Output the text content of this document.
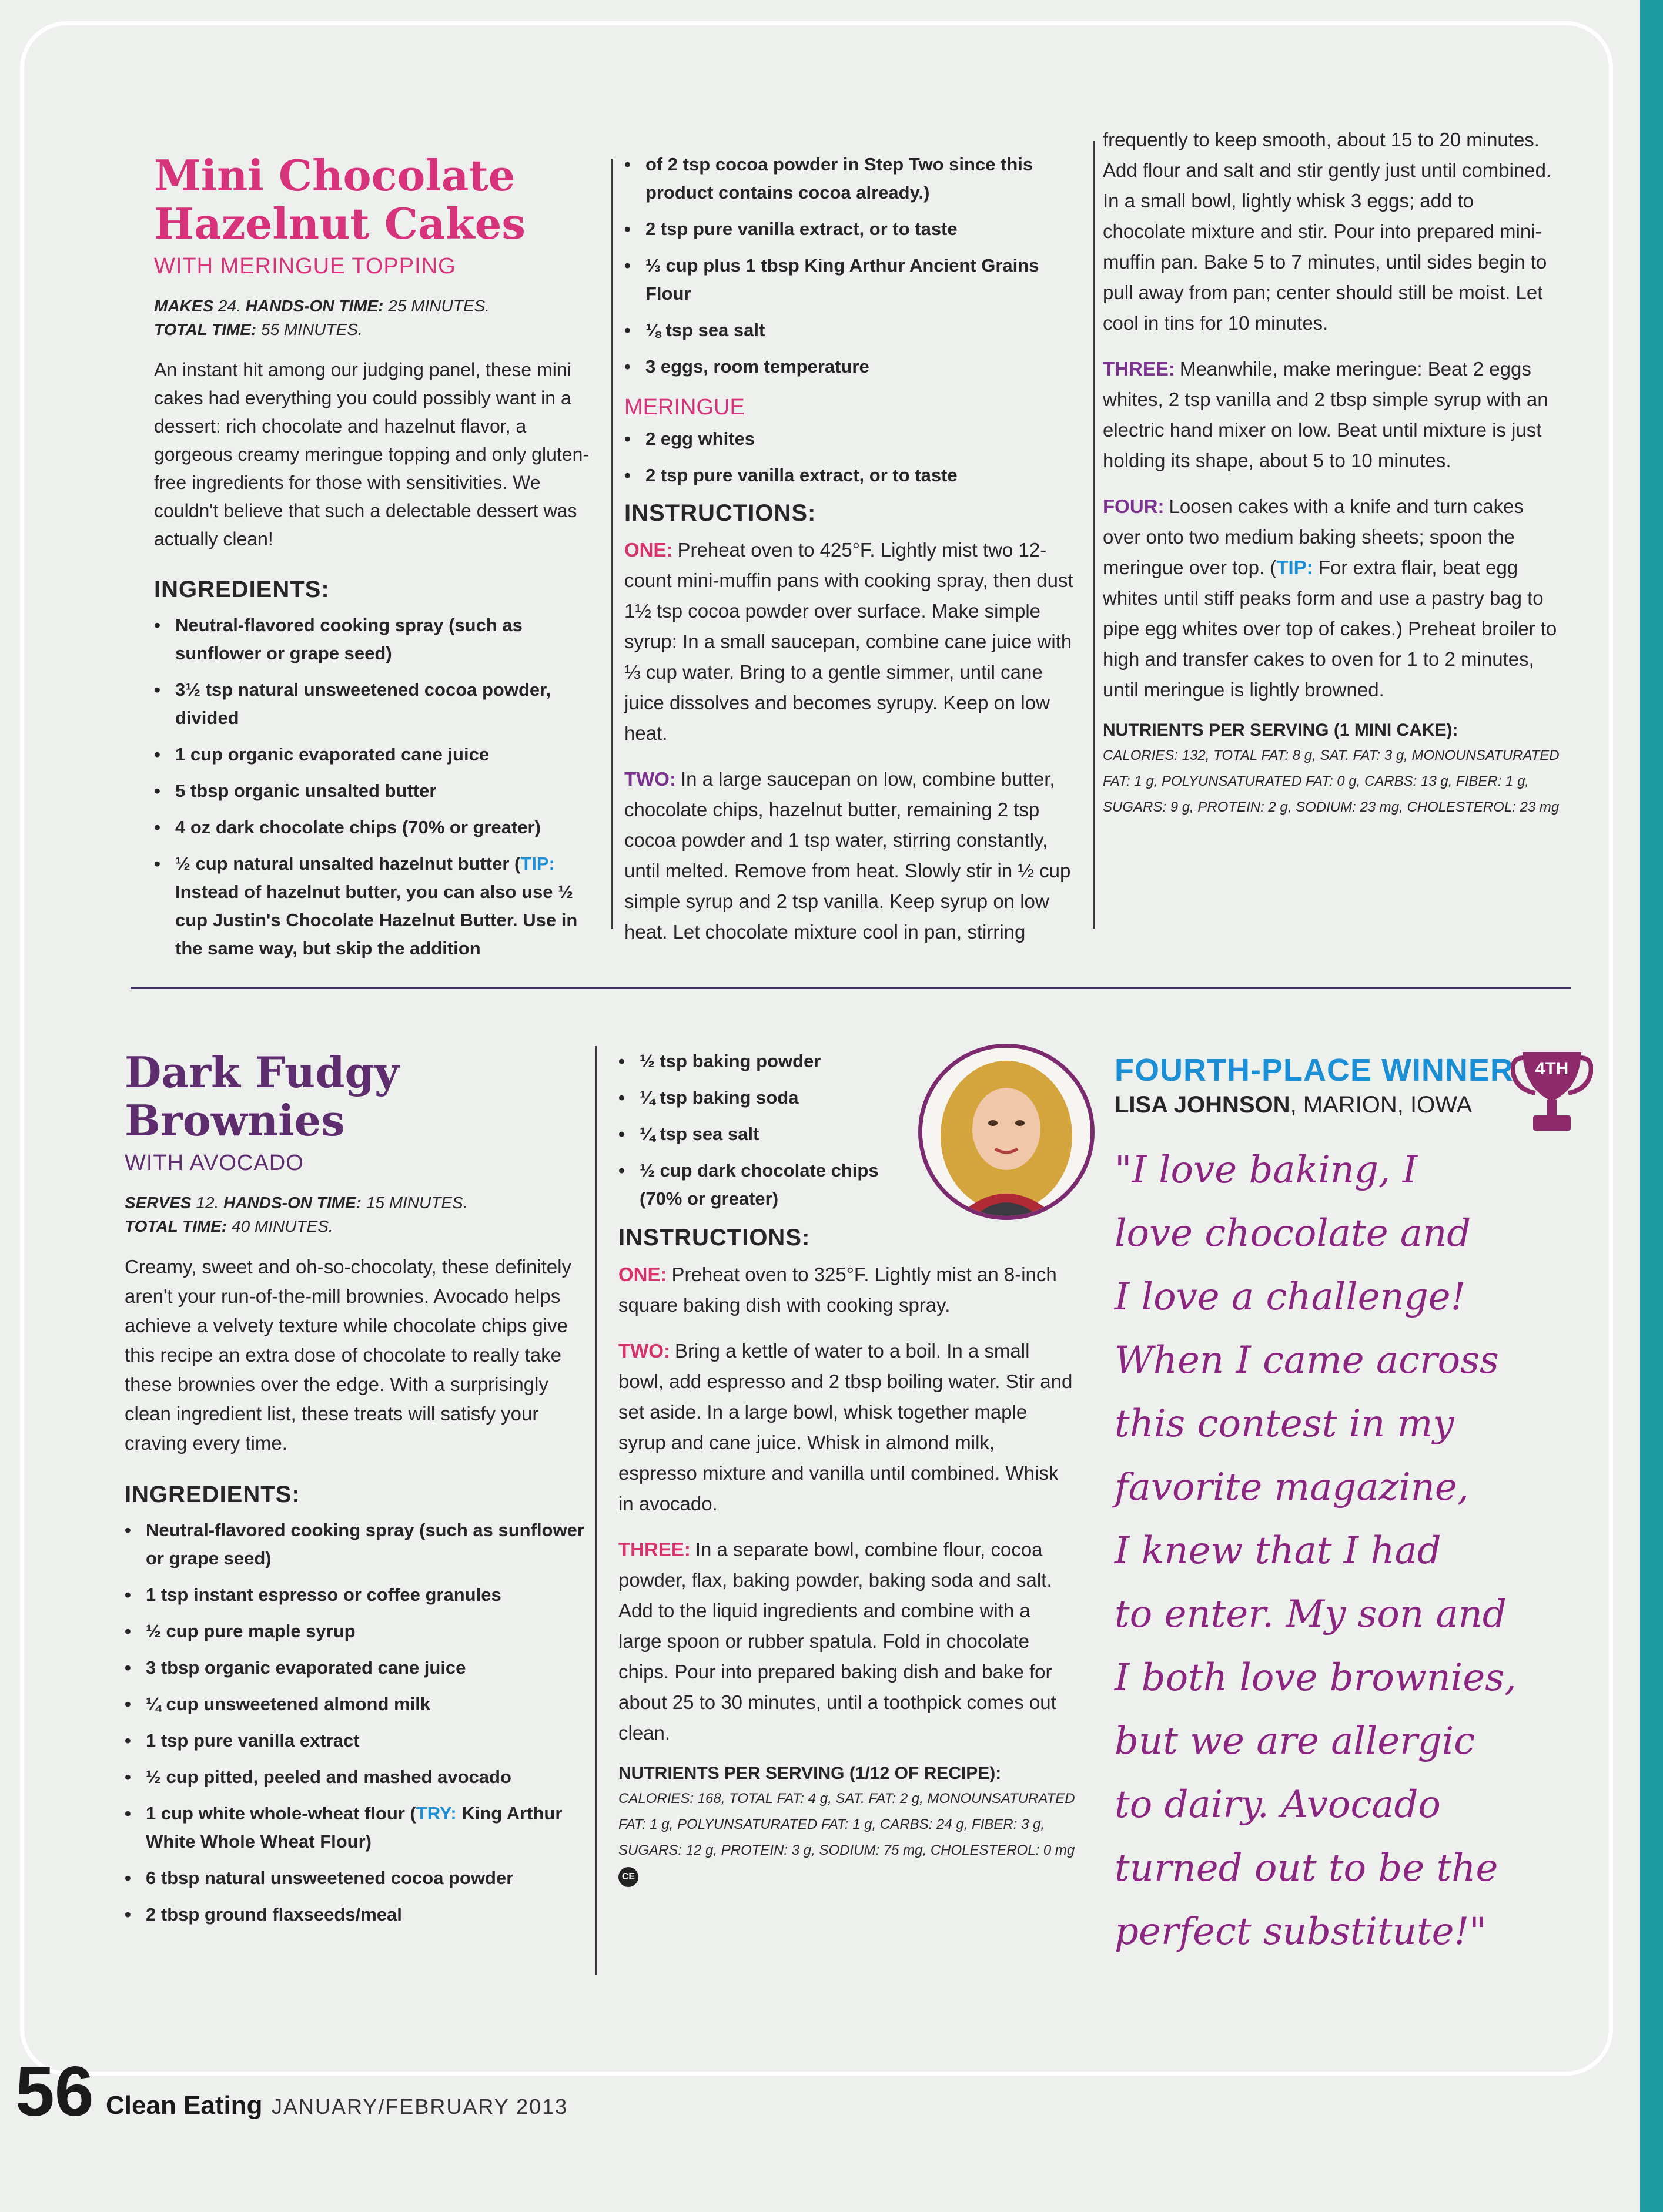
Mini Chocolate
Hazelnut Cakes
WITH MERINGUE TOPPING
MAKES 24. HANDS-ON TIME: 25 MINUTES.
TOTAL TIME: 55 MINUTES.

An instant hit among our judging panel, these mini cakes had everything you could possibly want in a dessert: rich chocolate and hazelnut flavor, a gorgeous creamy meringue topping and only gluten-free ingredients for those with sensitivities. We couldn't believe that such a delectable dessert was actually clean!

INGREDIENTS:
• Neutral-flavored cooking spray (such as sunflower or grape seed)
• 3½ tsp natural unsweetened cocoa powder, divided
• 1 cup organic evaporated cane juice
• 5 tbsp organic unsalted butter
• 4 oz dark chocolate chips (70% or greater)
• ½ cup natural unsalted hazelnut butter (TIP: Instead of hazelnut butter, you can also use ½ cup Justin's Chocolate Hazelnut Butter. Use in the same way, but skip the addition
• of 2 tsp cocoa powder in Step Two since this product contains cocoa already.)
• 2 tsp pure vanilla extract, or to taste
• ⅓ cup plus 1 tbsp King Arthur Ancient Grains Flour
• ⅛ tsp sea salt
• 3 eggs, room temperature
MERINGUE
• 2 egg whites
• 2 tsp pure vanilla extract, or to taste
INSTRUCTIONS:

ONE: Preheat oven to 425°F. Lightly mist two 12-count mini-muffin pans with cooking spray, then dust 1½ tsp cocoa powder over surface. Make simple syrup: In a small saucepan, combine cane juice with ⅓ cup water. Bring to a gentle simmer, until cane juice dissolves and becomes syrupy. Keep on low heat.

TWO: In a large saucepan on low, combine butter, chocolate chips, hazelnut butter, remaining 2 tsp cocoa powder and 1 tsp water, stirring constantly, until melted. Remove from heat. Slowly stir in ½ cup simple syrup and 2 tsp vanilla. Keep syrup on low heat. Let chocolate mixture cool in pan, stirring

frequently to keep smooth, about 15 to 20 minutes. Add flour and salt and stir gently just until combined. In a small bowl, lightly whisk 3 eggs; add to chocolate mixture and stir. Pour into prepared mini-muffin pan. Bake 5 to 7 minutes, until sides begin to pull away from pan; center should still be moist. Let cool in tins for 10 minutes.

THREE: Meanwhile, make meringue: Beat 2 eggs whites, 2 tsp vanilla and 2 tbsp simple syrup with an electric hand mixer on low. Beat until mixture is just holding its shape, about 5 to 10 minutes.

FOUR: Loosen cakes with a knife and turn cakes over onto two medium baking sheets; spoon the meringue over top. (TIP: For extra flair, beat egg whites until stiff peaks form and use a pastry bag to pipe egg whites over top of cakes.) Preheat broiler to high and transfer cakes to oven for 1 to 2 minutes, until meringue is lightly browned.

NUTRIENTS PER SERVING (1 MINI CAKE):

CALORIES: 132, TOTAL FAT: 8 g, SAT. FAT: 3 g, MONOUNSATURATED FAT: 1 g, POLYUNSATURATED FAT: 0 g, CARBS: 13 g, FIBER: 1 g, SUGARS: 9 g, PROTEIN: 2 g, SODIUM: 23 mg, CHOLESTEROL: 23 mg

Dark Fudgy
Brownies
WITH AVOCADO
SERVES 12. HANDS-ON TIME: 15 MINUTES.
TOTAL TIME: 40 MINUTES.

Creamy, sweet and oh-so-chocolaty, these definitely aren't your run-of-the-mill brownies. Avocado helps achieve a velvety texture while chocolate chips give this recipe an extra dose of chocolate to really take these brownies over the edge. With a surprisingly clean ingredient list, these treats will satisfy your craving every time.

INGREDIENTS:
• Neutral-flavored cooking spray (such as sunflower or grape seed)
• 1 tsp instant espresso or coffee granules
• ½ cup pure maple syrup
• 3 tbsp organic evaporated cane juice
• ¼ cup unsweetened almond milk
• 1 tsp pure vanilla extract
• ½ cup pitted, peeled and mashed avocado
• 1 cup white whole-wheat flour (TRY: King Arthur White Whole Wheat Flour)
• 6 tbsp natural unsweetened cocoa powder
• 2 tbsp ground flaxseeds/meal
• ½ tsp baking powder
• ¼ tsp baking soda
• ¼ tsp sea salt
• ½ cup dark chocolate chips (70% or greater)
INSTRUCTIONS:

ONE: Preheat oven to 325°F. Lightly mist an 8-inch square baking dish with cooking spray.

TWO: Bring a kettle of water to a boil. In a small bowl, add espresso and 2 tbsp boiling water. Stir and set aside. In a large bowl, whisk together maple syrup and cane juice. Whisk in almond milk, espresso mixture and vanilla until combined. Whisk in avocado.

THREE: In a separate bowl, combine flour, cocoa powder, flax, baking powder, baking soda and salt. Add to the liquid ingredients and combine with a large spoon or rubber spatula. Fold in chocolate chips. Pour into prepared baking dish and bake for about 25 to 30 minutes, until a toothpick comes out clean.

NUTRIENTS PER SERVING (1/12 OF RECIPE):

CALORIES: 168, TOTAL FAT: 4 g, SAT. FAT: 2 g, MONOUNSATURATED FAT: 1 g, POLYUNSATURATED FAT: 1 g, CARBS: 24 g, FIBER: 3 g, SUGARS: 12 g, PROTEIN: 3 g, SODIUM: 75 mg, CHOLESTEROL: 0 mg CE

FOURTH-PLACE WINNER
LISA JOHNSON, MARION, IOWA
"I love baking, I
love chocolate and
I love a challenge!
When I came across
this contest in my
favorite magazine,
I knew that I had
to enter. My son and
I both love brownies,
but we are allergic
to dairy. Avocado
turned out to be the
perfect substitute!"
4TH
56 Clean Eating JANUARY/FEBRUARY 2013
